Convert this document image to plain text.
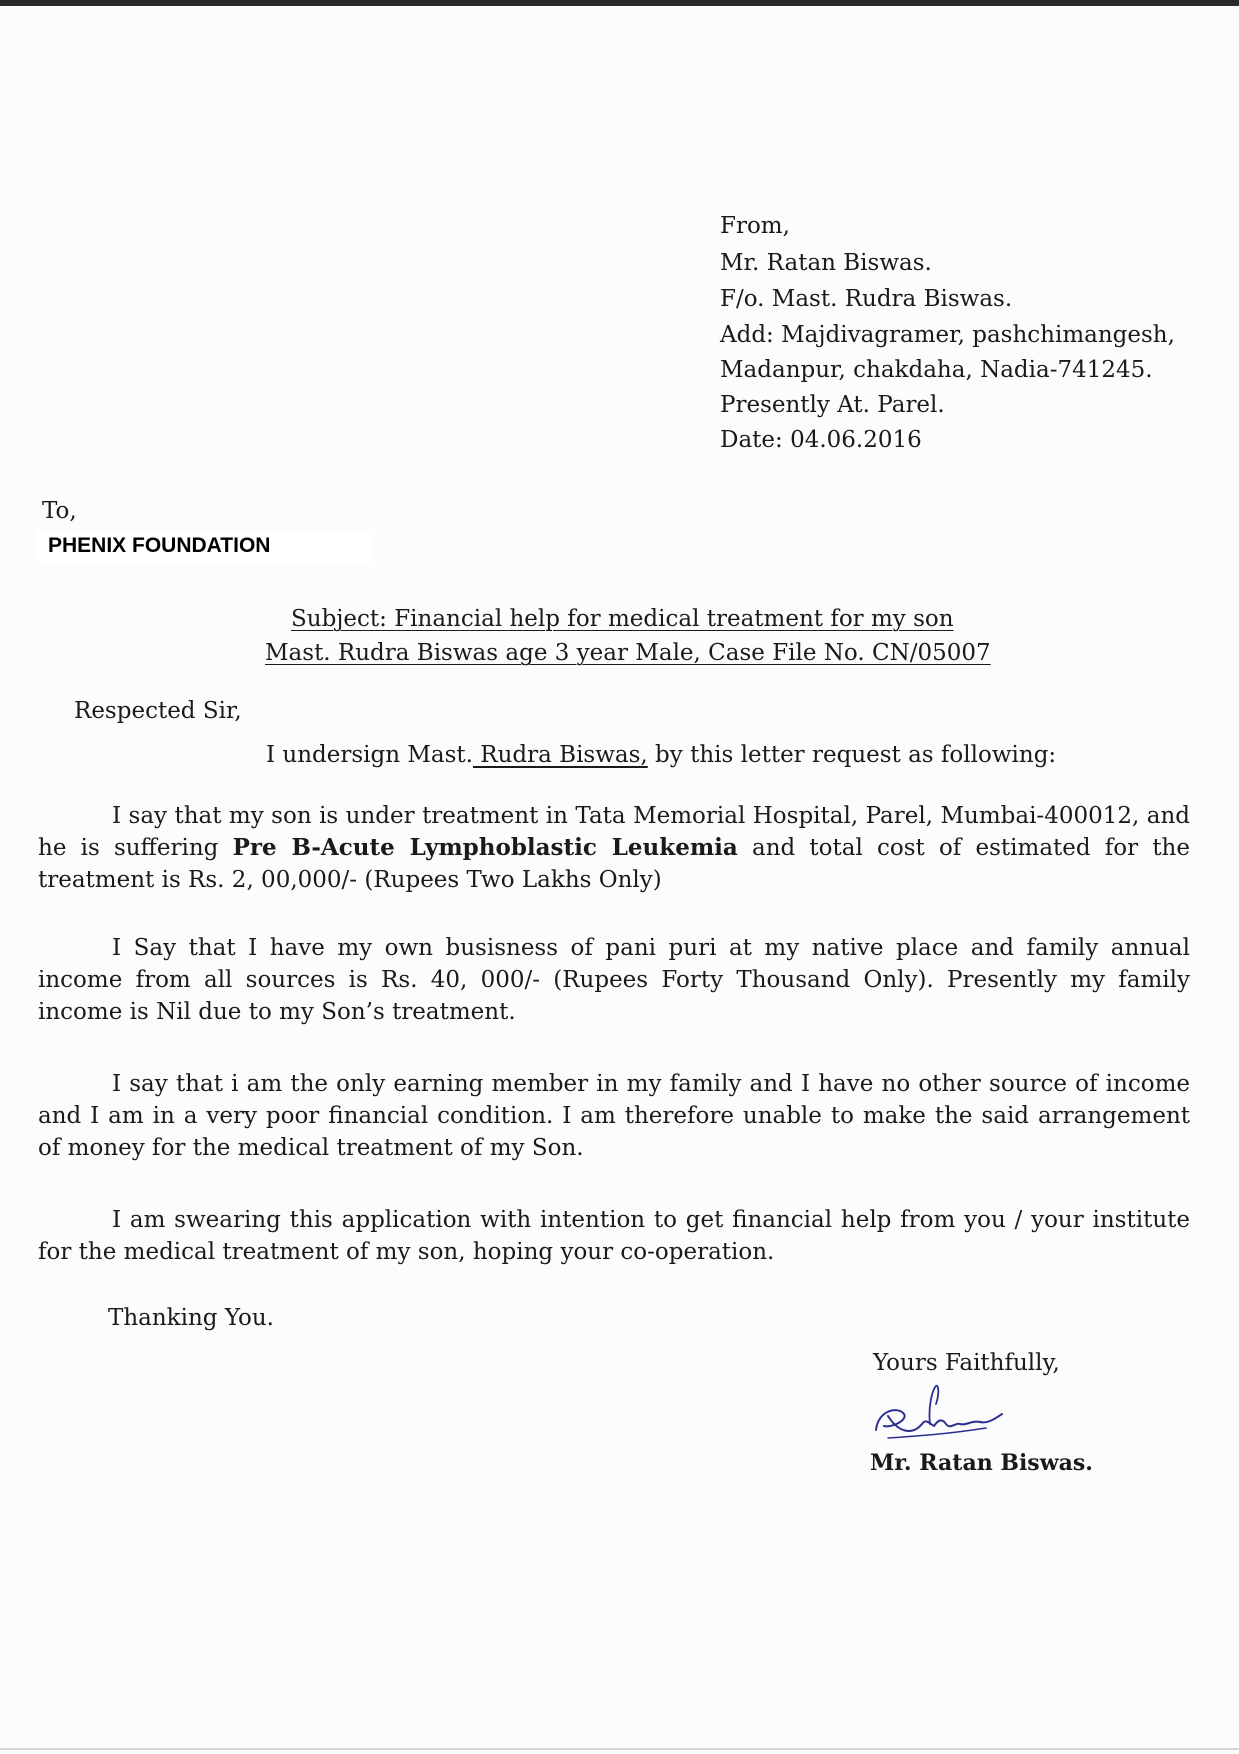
From,
Mr. Ratan Biswas.
F/o. Mast. Rudra Biswas.
Add: Majdivagramer, pashchimangesh,
Madanpur, chakdaha, Nadia-741245.
Presently At. Parel.
Date: 04.06.2016
To,
PHENIX FOUNDATION
Subject: Financial help for medical treatment for my son
Mast. Rudra Biswas age 3 year Male, Case File No. CN/05007
Respected Sir,
I undersign Mast. Rudra Biswas, by this letter request as following:
I say that my son is under treatment in Tata Memorial Hospital, Parel, Mumbai-400012, and he is suffering Pre B-Acute Lymphoblastic Leukemia and total cost of estimated for the treatment is Rs. 2, 00,000/- (Rupees Two Lakhs Only)
I Say that I have my own busisness of pani puri at my native place and family annual income from all sources is Rs. 40, 000/- (Rupees Forty Thousand Only). Presently my family income is Nil due to my Son’s treatment.
I say that i am the only earning member in my family and I have no other source of income and I am in a very poor financial condition. I am therefore unable to make the said arrangement of money for the medical treatment of my Son.
I am swearing this application with intention to get financial help from you / your institute for the medical treatment of my son, hoping your co-operation.
Thanking You.
Yours Faithfully,
Mr. Ratan Biswas.
